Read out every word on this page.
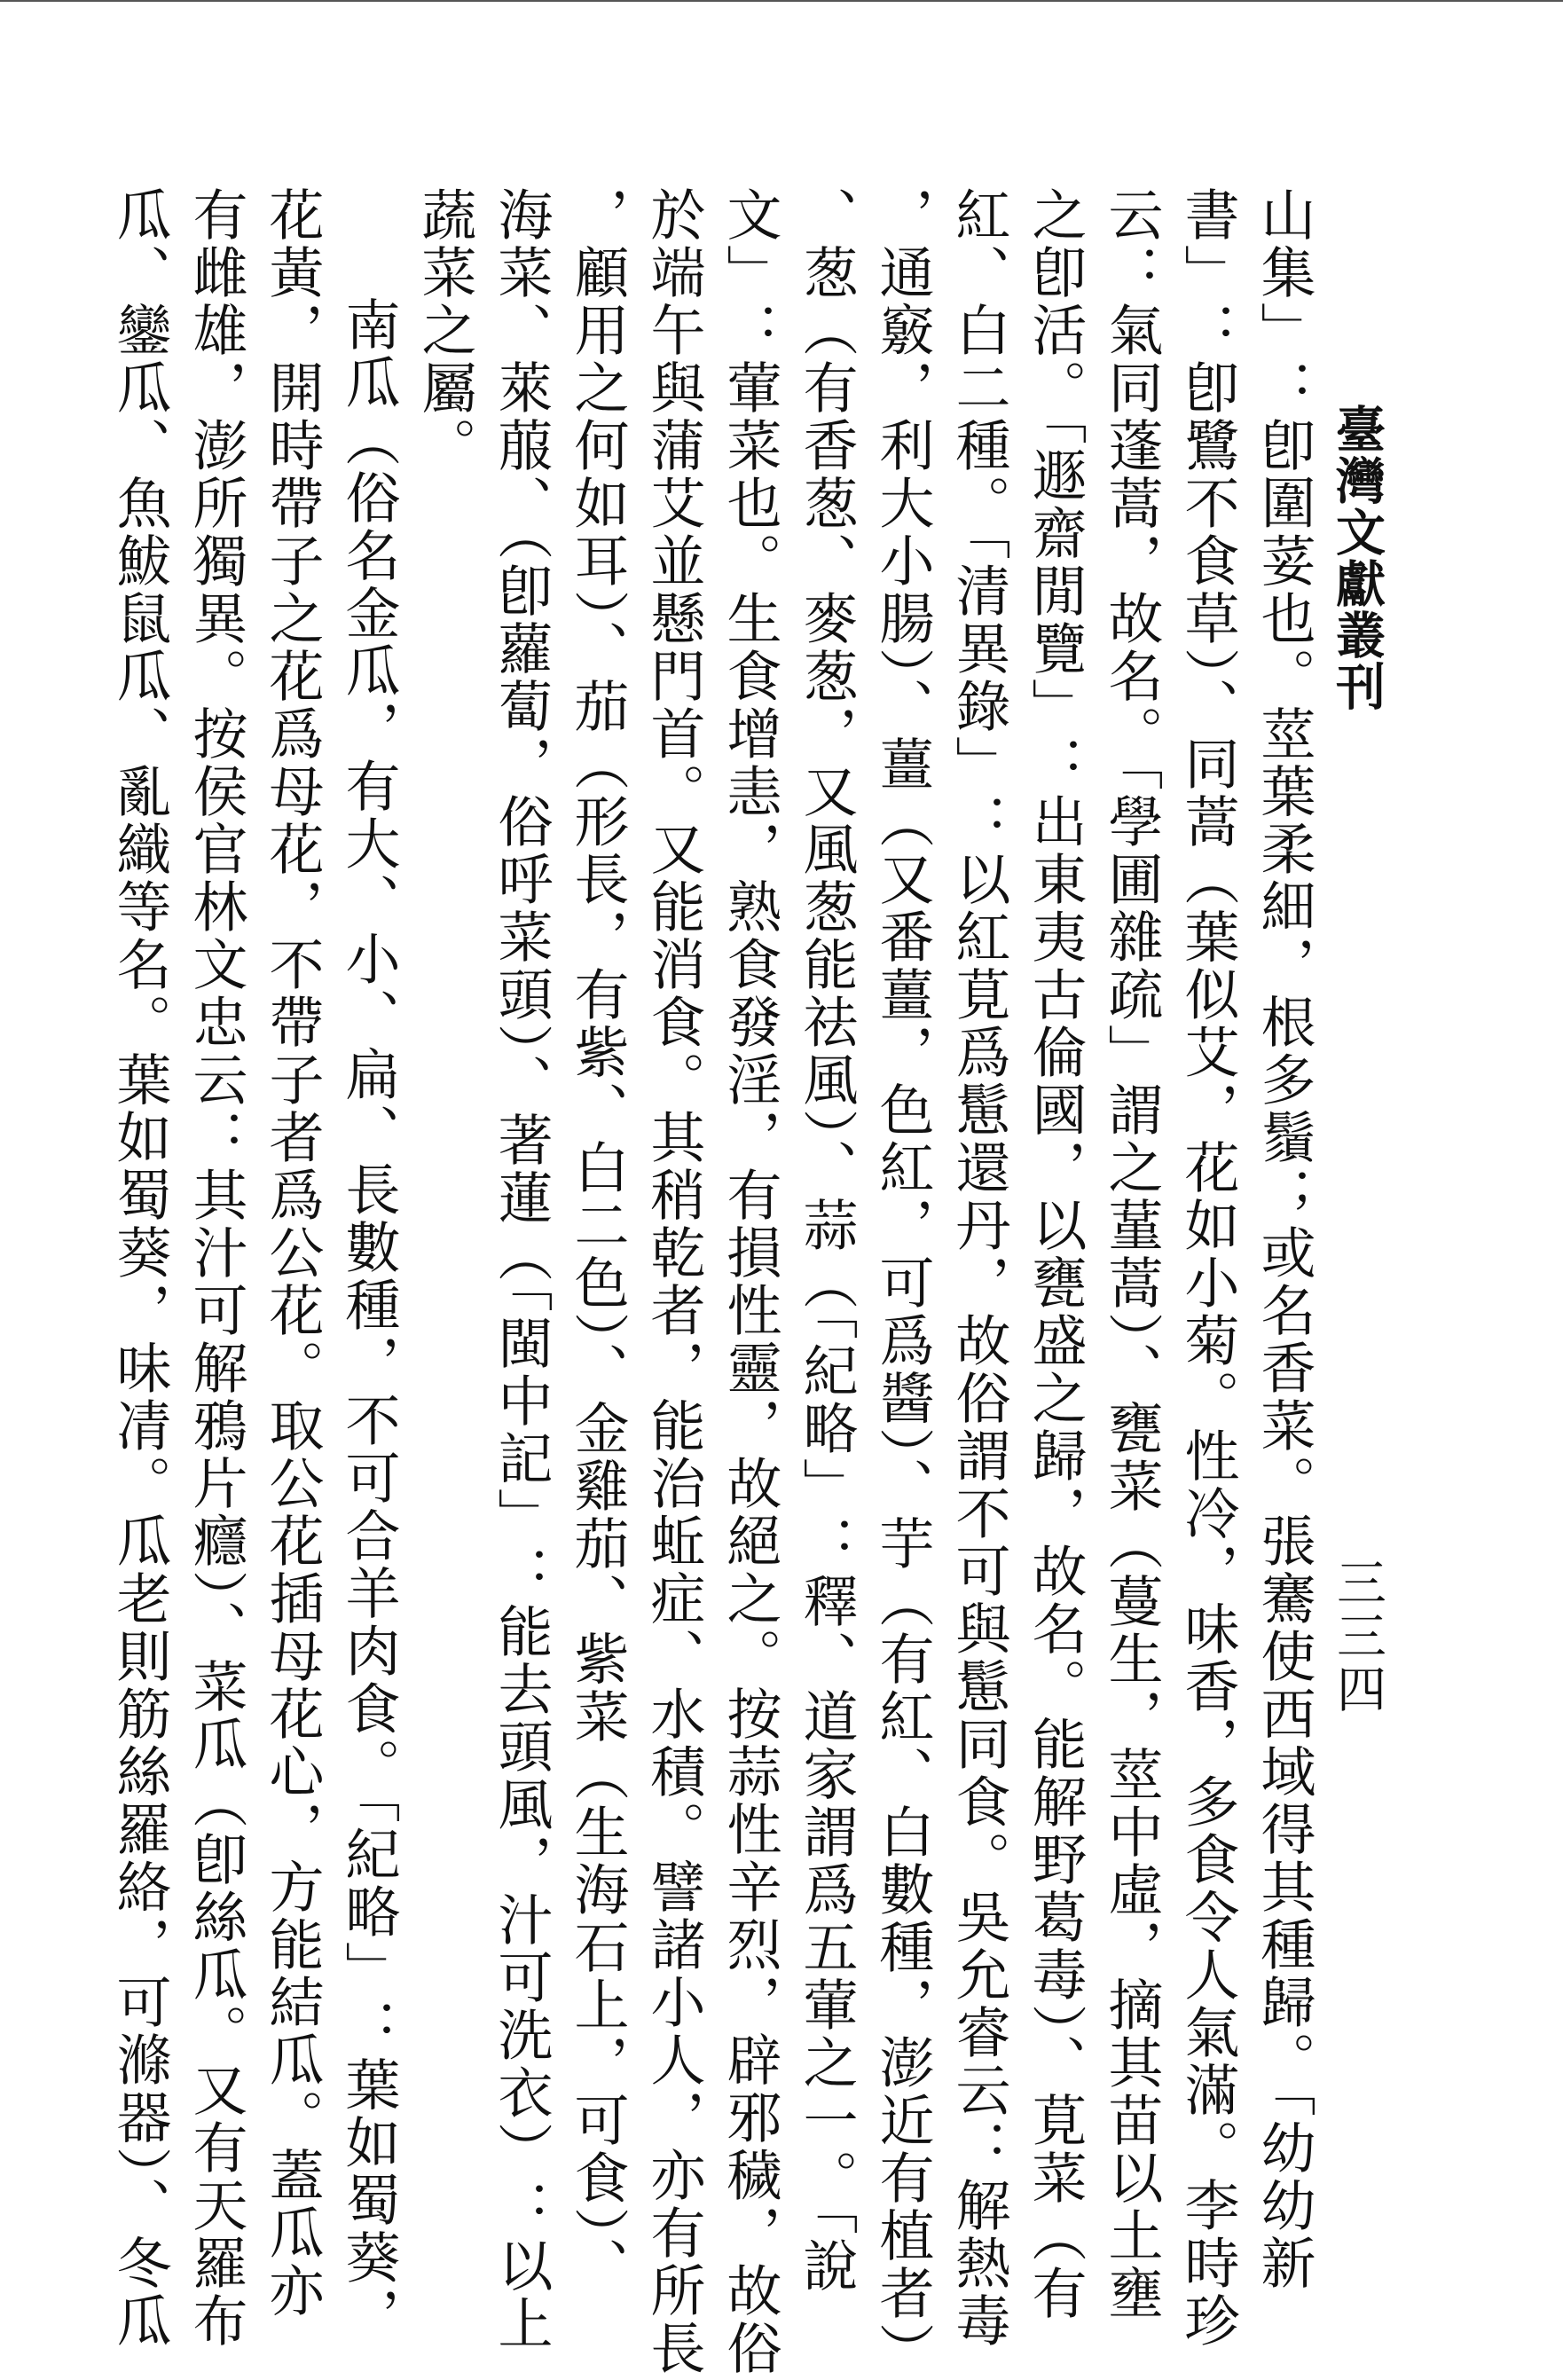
臺灣文獻叢刊
三三四
山集」：卽圍荽也。莖葉柔細，根多鬚；或名香菜。張騫使西域得其種歸。「幼幼新
書」：卽鷺不食草）、同蒿（葉似艾，花如小菊。性冷，味香，多食令人氣滿。李時珍
云：氣同蓬蒿，故名。「學圃雜疏」謂之蓳蒿）、甕菜（蔓生，莖中虛，摘其苗以土壅
之卽活。「遯齋閒覽」：出東夷古倫國，以甕盛之歸，故名。能解野葛毒）、莧菜（有
紅、白二種。「清異錄」：以紅莧爲䰄還丹，故俗謂不可與䰄同食。吳允睿云：解熱毒
，通竅，利大小腸）、薑（又番薑，色紅，可爲醬）、芋（有紅、白數種，澎近有植者）
、葱（有香葱、麥葱，又風葱能祛風）、蒜（「紀略」：釋、道家謂爲五葷之一。「說
文」：葷菜也。生食增恚，熟食發淫，有損性靈，故絕之。按蒜性辛烈，辟邪穢，故俗
於端午與蒲艾並懸門首。又能消食。其稍乾者，能治蚯症、水積。譬諸小人，亦有所長
，顧用之何如耳）、茄（形長，有紫、白二色）、金雞茄、紫菜（生海石上，可食）、
海菜、萊菔、（卽蘿蔔，俗呼菜頭）、著蓮（「閩中記」：能去頭風，汁可洗衣）：以上
蔬菜之屬。
南瓜（俗名金瓜，有大、小、扁、長數種，不可合羊肉食。「紀略」：葉如蜀葵，
花黃，開時帶子之花爲母花，不帶子者爲公花。取公花插母花心，方能結瓜。蓋瓜亦
有雌雄，澎所獨異。按侯官林文忠云：其汁可解鴉片癮）、菜瓜（卽絲瓜。又有天羅布
瓜、鑾瓜、魚鮁鼠瓜、亂織等名。葉如蜀葵，味凊。瓜老則筋絲羅絡，可滌器）、冬瓜
